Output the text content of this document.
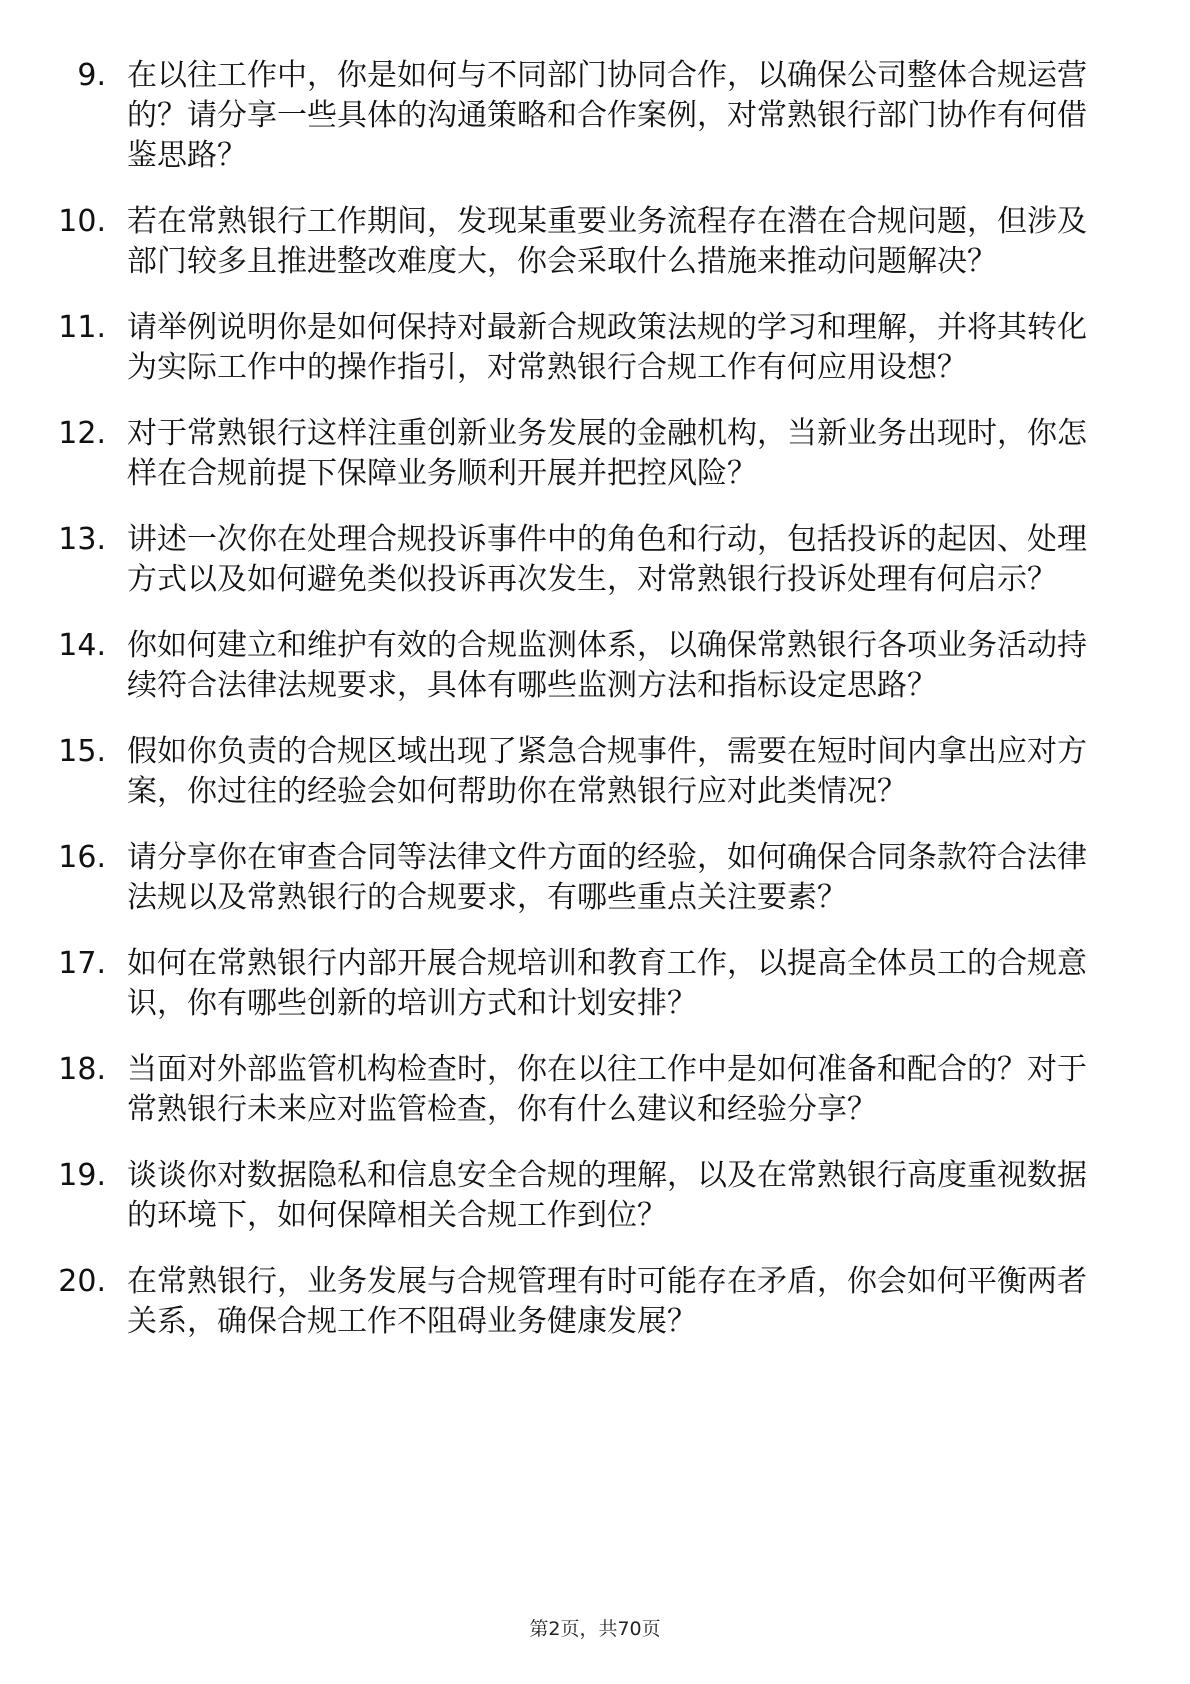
9. 在以往工作中，你是如何与不同部门协同合作，以确保公司整体合规运营的？请分享一些具体的沟通策略和合作案例，对常熟银行部门协作有何借鉴思路？
10. 若在常熟银行工作期间，发现某重要业务流程存在潜在合规问题，但涉及部门较多且推进整改难度大，你会采取什么措施来推动问题解决？
11. 请举例说明你是如何保持对最新合规政策法规的学习和理解，并将其转化为实际工作中的操作指引，对常熟银行合规工作有何应用设想？
12. 对于常熟银行这样注重创新业务发展的金融机构，当新业务出现时，你怎样在合规前提下保障业务顺利开展并把控风险？
13. 讲述一次你在处理合规投诉事件中的角色和行动，包括投诉的起因、处理方式以及如何避免类似投诉再次发生，对常熟银行投诉处理有何启示？
14. 你如何建立和维护有效的合规监测体系，以确保常熟银行各项业务活动持续符合法律法规要求，具体有哪些监测方法和指标设定思路？
15. 假如你负责的合规区域出现了紧急合规事件，需要在短时间内拿出应对方案，你过往的经验会如何帮助你在常熟银行应对此类情况？
16. 请分享你在审查合同等法律文件方面的经验，如何确保合同条款符合法律法规以及常熟银行的合规要求，有哪些重点关注要素？
17. 如何在常熟银行内部开展合规培训和教育工作，以提高全体员工的合规意识，你有哪些创新的培训方式和计划安排？
18. 当面对外部监管机构检查时，你在以往工作中是如何准备和配合的？对于常熟银行未来应对监管检查，你有什么建议和经验分享？
19. 谈谈你对数据隐私和信息安全合规的理解，以及在常熟银行高度重视数据的环境下，如何保障相关合规工作到位？
20. 在常熟银行，业务发展与合规管理有时可能存在矛盾，你会如何平衡两者关系，确保合规工作不阻碍业务健康发展？
第2页，共70页
